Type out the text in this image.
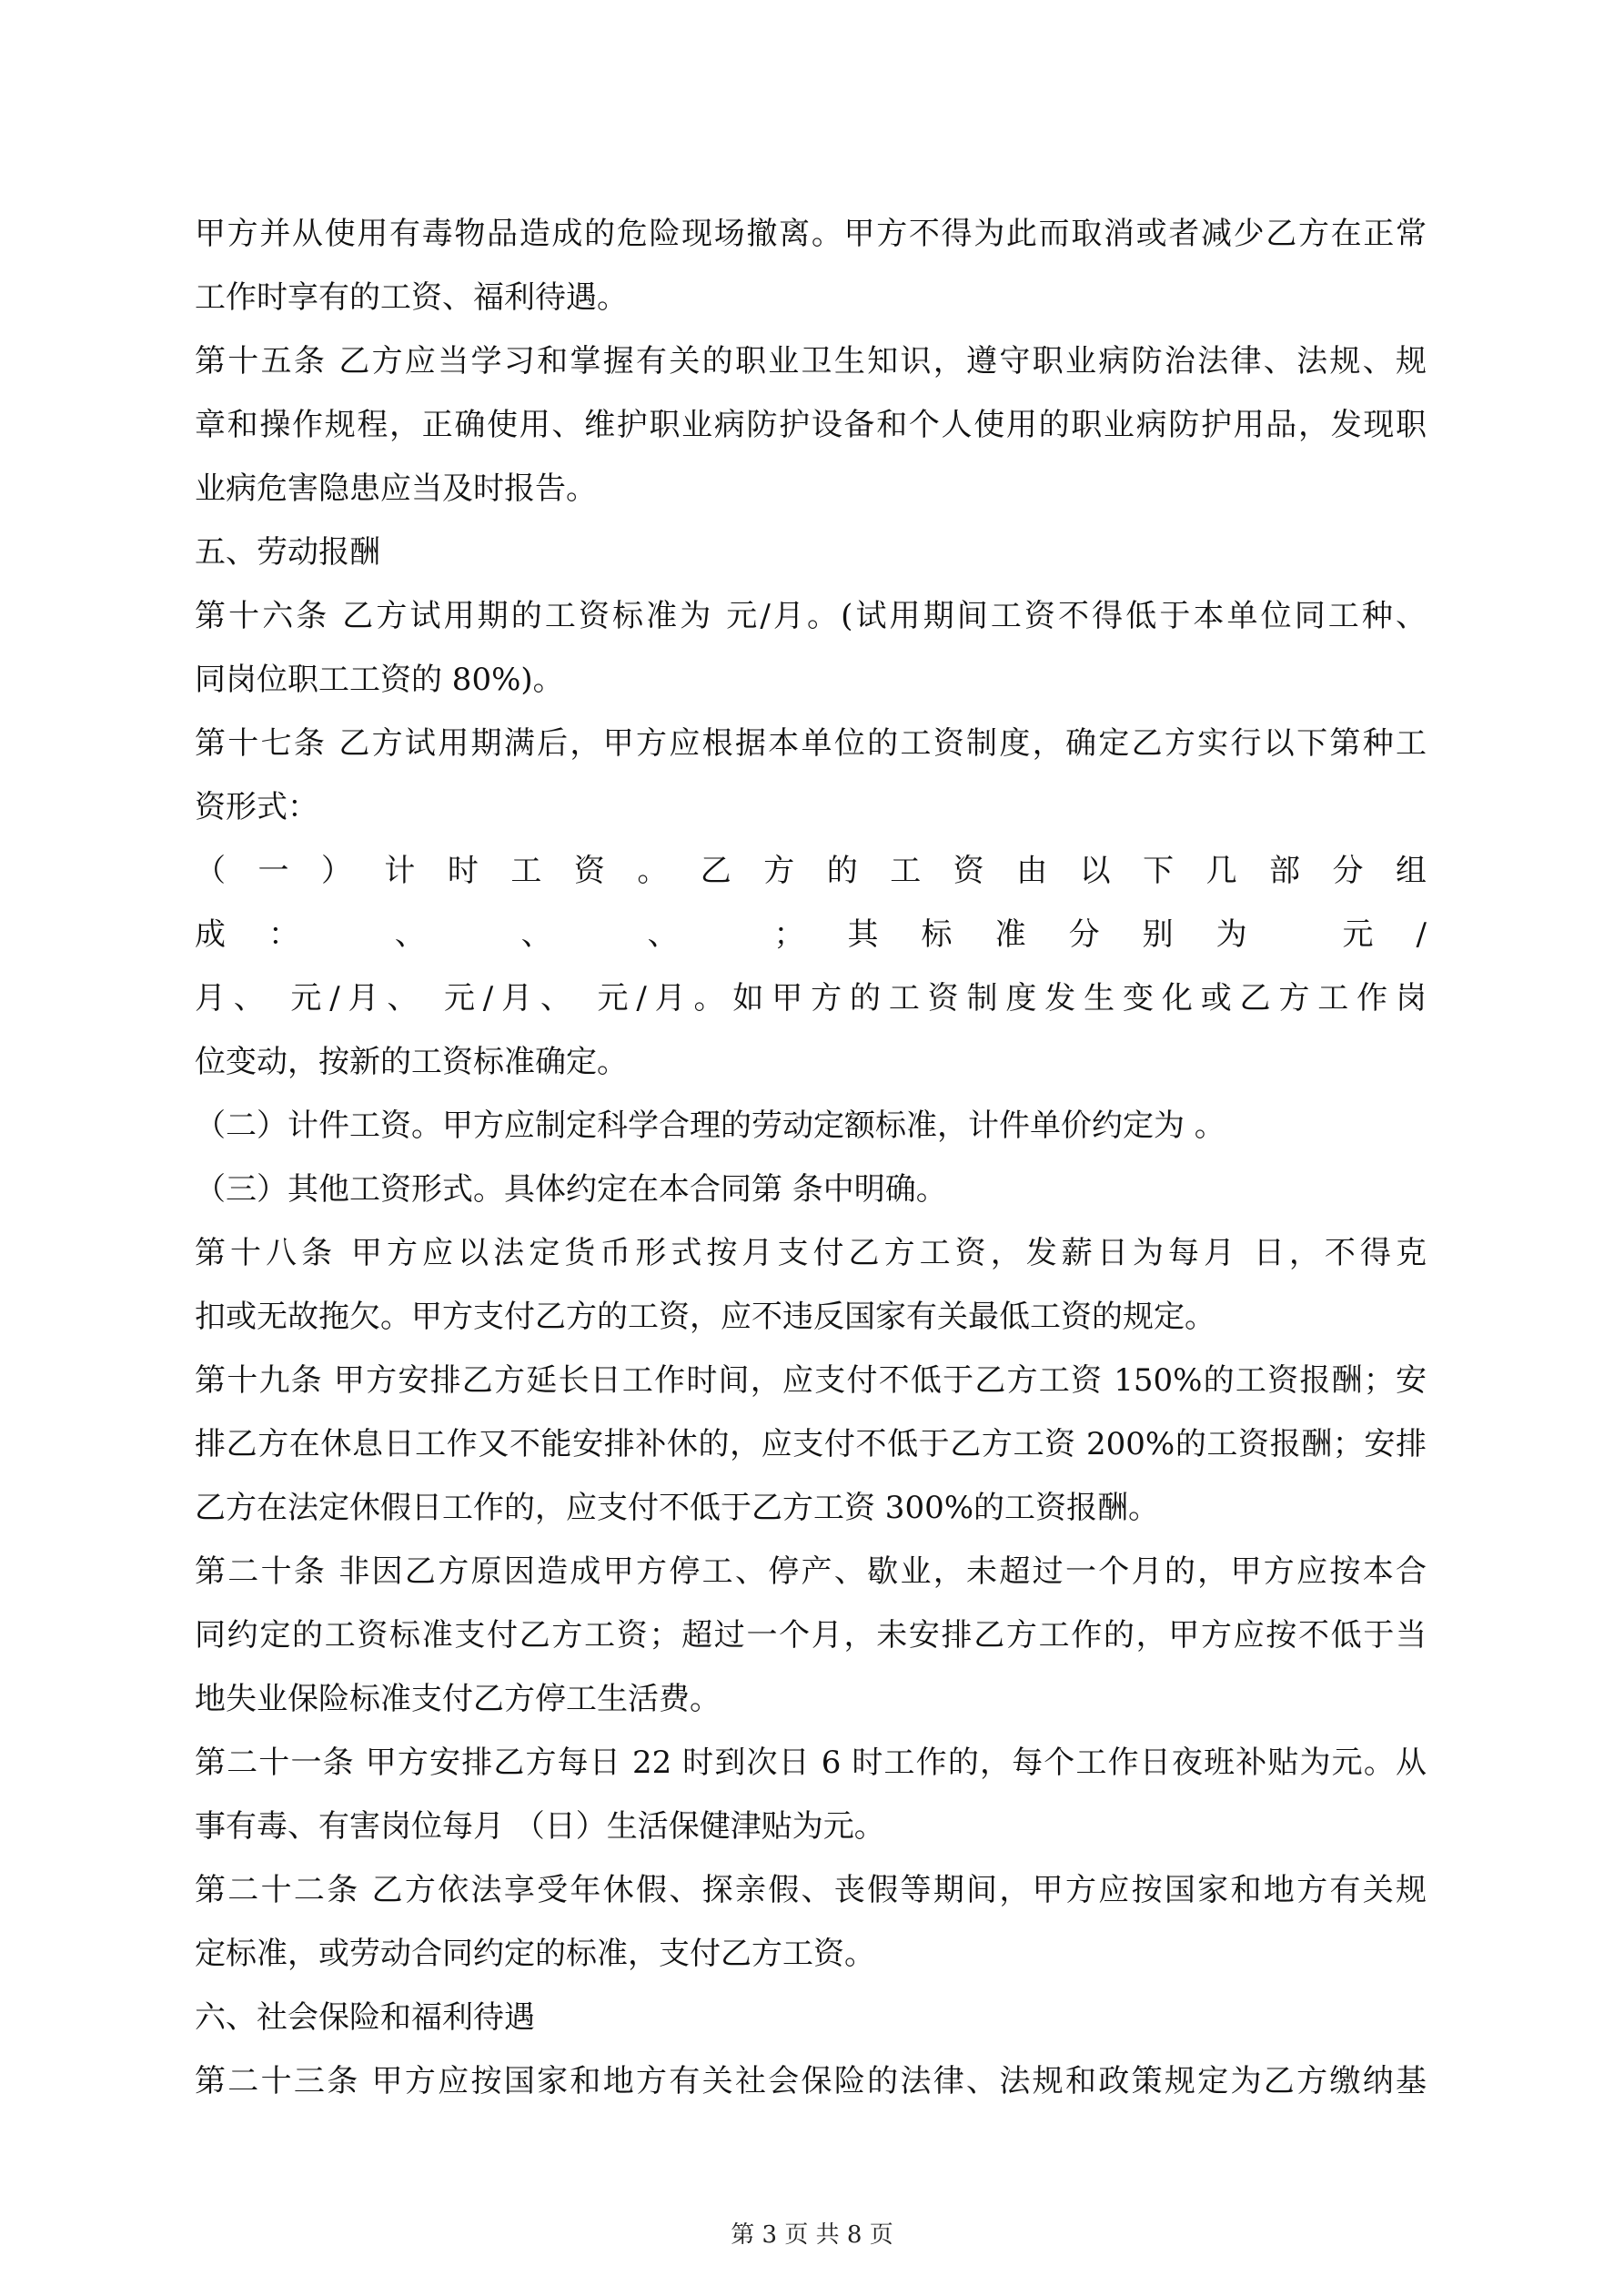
甲方并从使用有毒物品造成的危险现场撤离。甲方不得为此而取消或者减少乙方在正常
工作时享有的工资、福利待遇。
第十五条 乙方应当学习和掌握有关的职业卫生知识，遵守职业病防治法律、法规、规
章和操作规程，正确使用、维护职业病防护设备和个人使用的职业病防护用品，发现职
业病危害隐患应当及时报告。
五、劳动报酬
第十六条 乙方试用期的工资标准为 元/月。(试用期间工资不得低于本单位同工种、
同岗位职工工资的 80%)。
第十七条 乙方试用期满后，甲方应根据本单位的工资制度，确定乙方实行以下第种工
资形式：
（ 一 ） 计 时 工 资 。 乙 方 的 工 资 由 以 下 几 部 分 组
成： 、 、 、 ；其标准分别为 元/
月、 元/月、 元/月、 元/月。如甲方的工资制度发生变化或乙方工作岗
位变动，按新的工资标准确定。
（二）计件工资。甲方应制定科学合理的劳动定额标准，计件单价约定为 。
（三）其他工资形式。具体约定在本合同第 条中明确。
第十八条 甲方应以法定货币形式按月支付乙方工资，发薪日为每月 日，不得克
扣或无故拖欠。甲方支付乙方的工资，应不违反国家有关最低工资的规定。
第十九条 甲方安排乙方延长日工作时间，应支付不低于乙方工资 150%的工资报酬；安
排乙方在休息日工作又不能安排补休的，应支付不低于乙方工资 200%的工资报酬；安排
乙方在法定休假日工作的，应支付不低于乙方工资 300%的工资报酬。
第二十条 非因乙方原因造成甲方停工、停产、歇业，未超过一个月的，甲方应按本合
同约定的工资标准支付乙方工资；超过一个月，未安排乙方工作的，甲方应按不低于当
地失业保险标准支付乙方停工生活费。
第二十一条 甲方安排乙方每日 22 时到次日 6 时工作的，每个工作日夜班补贴为元。从
事有毒、有害岗位每月 （日）生活保健津贴为元。
第二十二条 乙方依法享受年休假、探亲假、丧假等期间，甲方应按国家和地方有关规
定标准，或劳动合同约定的标准，支付乙方工资。
六、社会保险和福利待遇
第二十三条 甲方应按国家和地方有关社会保险的法律、法规和政策规定为乙方缴纳基
第 3 页 共 8 页
